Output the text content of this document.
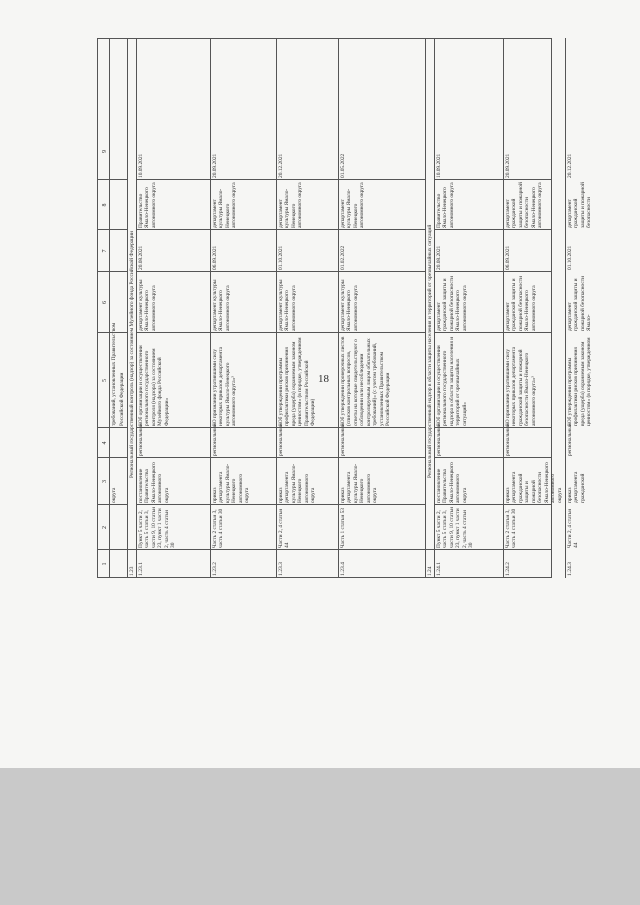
18
1
2
3
4
5
6
7
8
9
округа
требований, установленных Правительством Российской Федерации
1.23
Региональный государственный контроль (надзор) за состоянием Музейного фонда Российской Федерации
1.23.1
Пункт 5 части 2, часть 5 статьи 3, части 9, 10 статьи 23, пункт 1 части 2, часть 4 статьи 30
постановление Правительства Ямало-Ненецкого автономного округа
региональный
«Об организации и осуществлении регионального государственного контроля (надзора) за состоянием Музейного фонда Российской Федерации»
департамент культуры Ямало-Ненецкого автономного округа
20.08.2021
Правительство Ямало-Ненецкого автономного округа
10.09.2021
1.23.2
Часть 2 статьи 3, часть 4 статьи 30
приказ департамента культуры Ямало-Ненецкого автономного округа
региональный
«О признании утратившими силу некоторых приказов департамента культуры Ямало-Ненецкого автономного округа»³
департамент культуры Ямало-Ненецкого автономного округа
06.09.2021
департамент культуры Ямало-Ненецкого автономного округа
20.09.2021
1.23.3
Части 2, 4 статьи 44
приказ департамента культуры Ямало-Ненецкого автономного округа
региональный
«Об утверждении программы профилактики рисков причинения вреда (ущерба) охраняемым законом ценностям» (в порядке, утвержденном Правительством Российской Федерации)
департамент культуры Ямало-Ненецкого автономного округа
01.10.2021
департамент культуры Ямало-Ненецкого автономного округа
20.12.2021
1.23.4
Часть 1 статьи 53
приказ департамента культуры Ямало-Ненецкого автономного округа
региональный
«Об утверждении проверочных листов (списков контрольных вопросов, ответы на которые свидетельствуют о соблюдении или несоблюдении контролируемым лицом обязательных требований)» (с учетом требований, установленных Правительством Российской Федерации
департамент культуры Ямало-Ненецкого автономного округа
01.02.2022
департамент культуры Ямало-Ненецкого автономного округа
01.05.2022
1.24
Региональный государственный надзор в области защиты населения и территорий от чрезвычайных ситуаций
1.24.1
Пункт 5 части 2, часть 5 статьи 3, части 9, 10 статьи 23, пункт 1 части 2, часть 4 статьи 30
постановление Правительства Ямало-Ненецкого автономного округа
региональный
«Об организации и осуществлении регионального государственного надзора в области защиты населения и территорий от чрезвычайных ситуаций»
департамент гражданской защиты и пожарной безопасности Ямало-Ненецкого автономного округа
20.08.2021
Правительство Ямало-Ненецкого автономного округа
10.09.2021
1.24.2
Часть 2 статьи 3, часть 4 статьи 30
приказ департамента гражданской защиты и пожарной безопасности Ямало-Ненецкого автономного округа
региональный
«О признании утратившими силу некоторых приказов департамента гражданской защиты и пожарной безопасности Ямало-Ненецкого автономного округа»³
департамент гражданской защиты и пожарной безопасности Ямало-Ненецкого автономного округа
06.09.2021
департамент гражданской защиты и пожарной безопасности Ямало-Ненецкого автономного округа
20.09.2021
1.24.3
Части 2, 4 статьи 44
приказ департамента гражданской
региональный
«Об утверждении программы профилактики рисков причинения вреда (ущерба) охраняемым законом ценностям» (в порядке, утвержденном
департамент гражданской защиты и пожарной безопасности Ямало-
01.10.2021
департамент гражданской защиты и пожарной безопасности
20.12.2021
